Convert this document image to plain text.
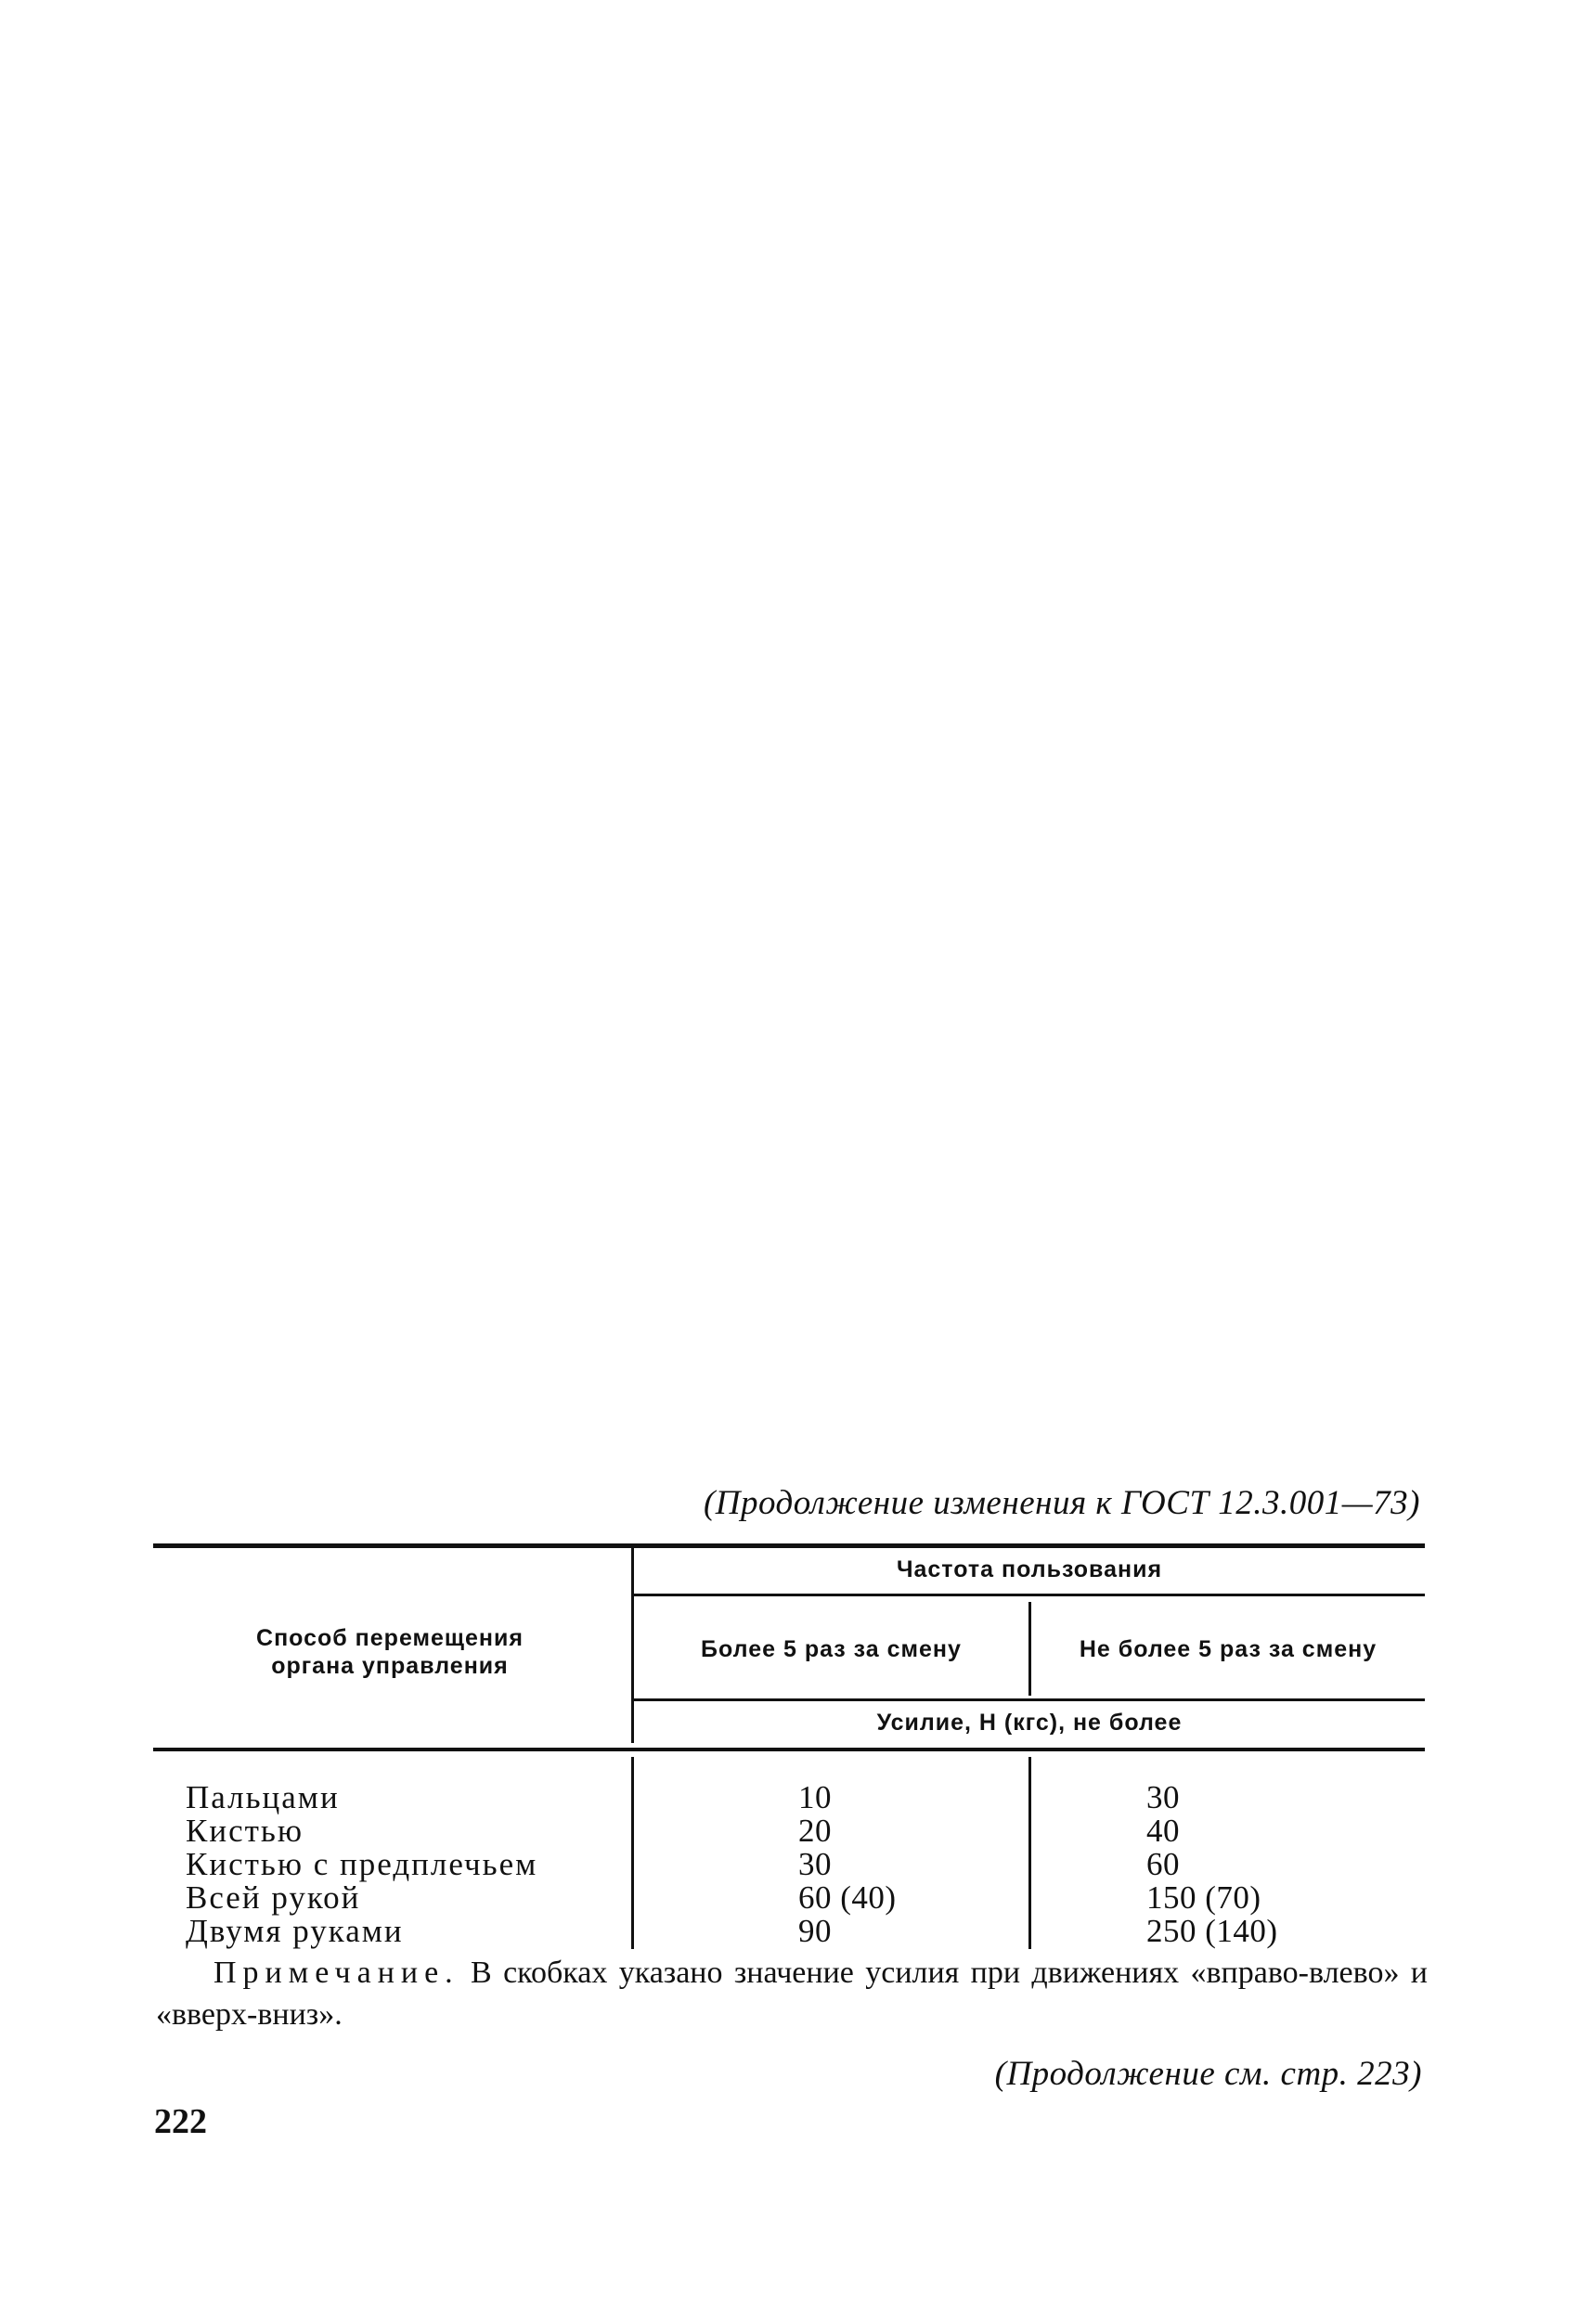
(Продолжение изменения к ГОСТ 12.3.001—73)
Способ перемещения
органа управления
Частота пользования
Более 5 раз за смену	Не более 5 раз за смену
Усилие, Н (кгс), не более
Пальцами
Кистью
Кистью с предплечьем
Всей рукой
Двумя руками
10
20
30
60 (40)
90
30
40
60
150 (70)
250 (140)
Примечание. В скобках указано значение усилия при движениях «вправо-влево» и «вверх-вниз».
(Продолжение см. стр. 223)
222
